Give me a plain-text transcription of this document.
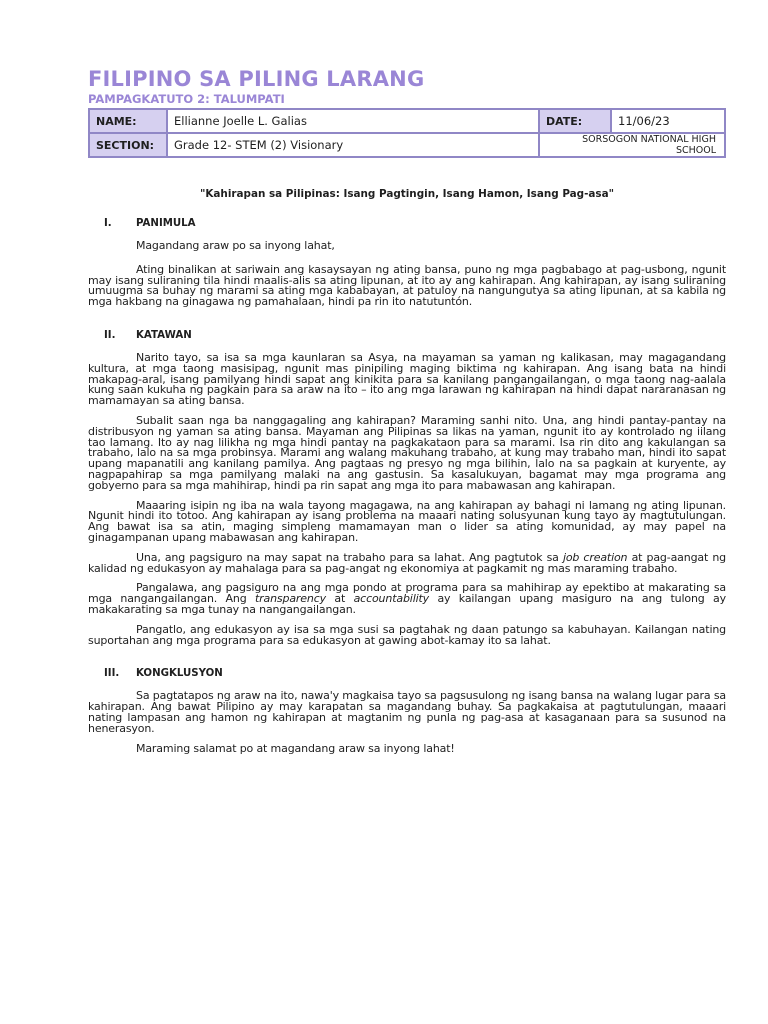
FILIPINO SA PILING LARANG
PAMPAGKATUTO 2: TALUMPATI
NAME:	Ellianne Joelle L. Galias	DATE:	11/06/23
SECTION:	Grade 12- STEM (2) Visionary	SORSOGON NATIONAL HIGH SCHOOL	
"Kahirapan sa Pilipinas: Isang Pagtingin, Isang Hamon, Isang Pag-asa"
I.	PANIMULA

Magandang araw po sa inyong lahat,

Ating binalikan at sariwain ang kasaysayan ng ating bansa, puno ng mga pagbabago at pag-usbong, ngunit may isang suliraning tila hindi maalis-alis sa ating lipunan, at ito ay ang kahirapan. Ang kahirapan, ay isang suliraning umuugma sa buhay ng marami sa ating mga kababayan, at patuloy na nangungutya sa ating lipunan, at sa kabila ng mga hakbang na ginagawa ng pamahalaan, hindi pa rin ito natutuntón.

II.	KATAWAN

Narito tayo, sa isa sa mga kaunlaran sa Asya, na mayaman sa yaman ng kalikasan, may magagandang kultura, at mga taong masisipag, ngunit mas pinipiling maging biktima ng kahirapan. Ang isang bata na hindi makapag-aral, isang pamilyang hindi sapat ang kinikita para sa kanilang pangangailangan, o mga taong nag-aalala kung saan kukuha ng pagkain para sa araw na ito – ito ang mga larawan ng kahirapan na hindi dapat nararanasan ng mamamayan sa ating bansa.

Subalit saan nga ba nanggagaling ang kahirapan? Maraming sanhi nito. Una, ang hindi pantay-pantay na distribusyon ng yaman sa ating bansa. Mayaman ang Pilipinas sa likas na yaman, ngunit ito ay kontrolado ng iilang tao lamang. Ito ay nag lilikha ng mga hindi pantay na pagkakataon para sa marami. Isa rin dito ang kakulangan sa trabaho, lalo na sa mga probinsya. Marami ang walang makuhang trabaho, at kung may trabaho man, hindi ito sapat upang mapanatili ang kanilang pamilya. Ang pagtaas ng presyo ng mga bilihin, lalo na sa pagkain at kuryente, ay nagpapahirap sa mga pamilyang malaki na ang gastusin. Sa kasalukuyan, bagamat may mga programa ang gobyerno para sa mga mahihirap, hindi pa rin sapat ang mga ito para mabawasan ang kahirapan.

Maaaring isipin ng iba na wala tayong magagawa, na ang kahirapan ay bahagi ni lamang ng ating lipunan. Ngunit hindi ito totoo. Ang kahirapan ay isang problema na maaari nating solusyunan kung tayo ay magtutulungan. Ang bawat isa sa atin, maging simpleng mamamayan man o lider sa ating komunidad, ay may papel na ginagampanan upang mabawasan ang kahirapan.

Una, ang pagsiguro na may sapat na trabaho para sa lahat. Ang pagtutok sa job creation at pag-aangat ng kalidad ng edukasyon ay mahalaga para sa pag-angat ng ekonomiya at pagkamit ng mas maraming trabaho.

Pangalawa, ang pagsiguro na ang mga pondo at programa para sa mahihirap ay epektibo at makarating sa mga nangangailangan. Ang transparency at accountability ay kailangan upang masiguro na ang tulong ay makakarating sa mga tunay na nangangailangan.

Pangatlo, ang edukasyon ay isa sa mga susi sa pagtahak ng daan patungo sa kabuhayan. Kailangan nating suportahan ang mga programa para sa edukasyon at gawing abot-kamay ito sa lahat.

III.	KONGKLUSYON

Sa pagtatapos ng araw na ito, nawa'y magkaisa tayo sa pagsusulong ng isang bansa na walang lugar para sa kahirapan. Ang bawat Pilipino ay may karapatan sa magandang buhay. Sa pagkakaisa at pagtutulungan, maaari nating lampasan ang hamon ng kahirapan at magtanim ng punla ng pag-asa at kasaganaan para sa susunod na henerasyon.

Maraming salamat po at magandang araw sa inyong lahat!
